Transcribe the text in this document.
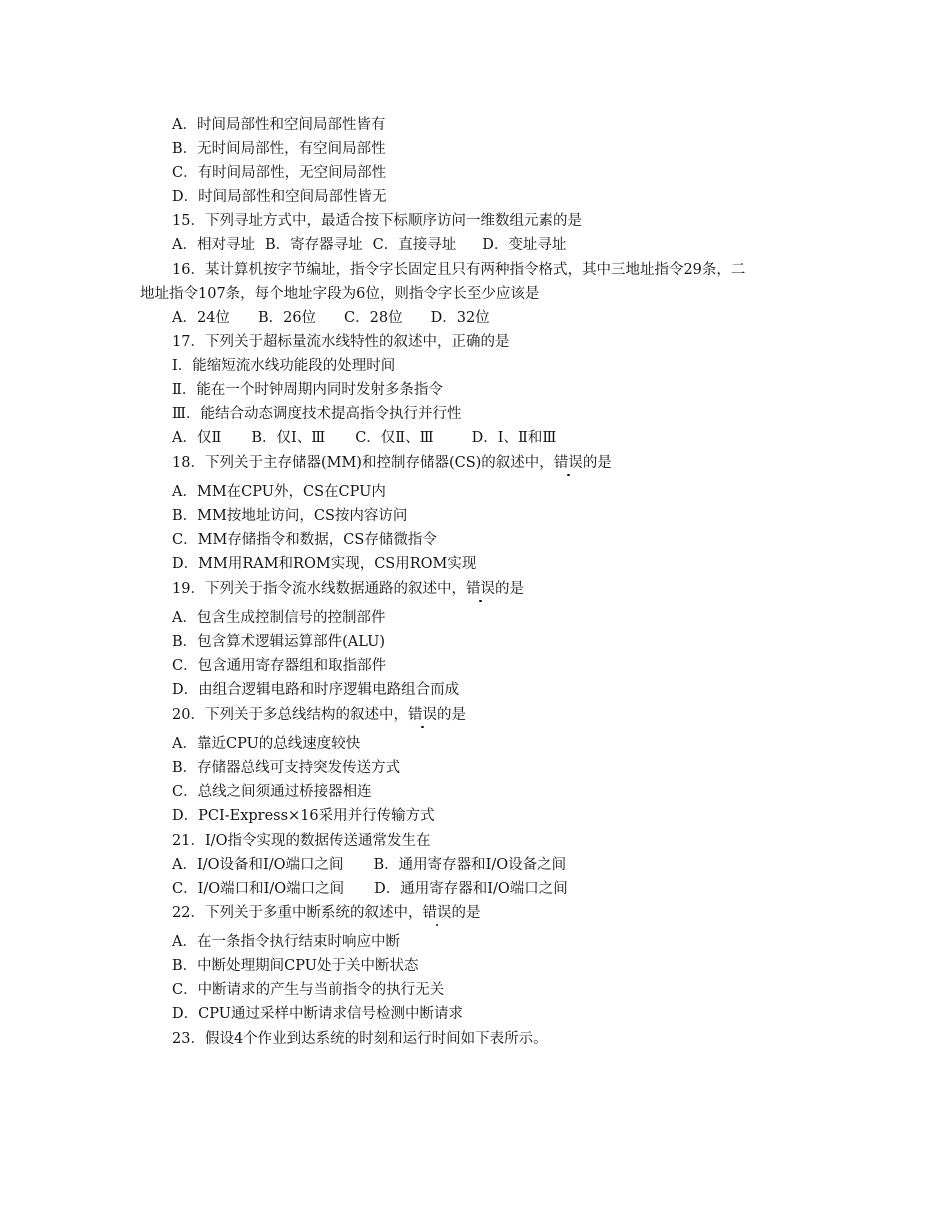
A．时间局部性和空间局部性皆有
B．无时间局部性，有空间局部性
C．有时间局部性，无空间局部性
D．时间局部性和空间局部性皆无
15．下列寻址方式中，最适合按下标顺序访问一维数组元素的是
A．相对寻址 B．寄存器寻址 C．直接寻址 D．变址寻址
16．某计算机按字节编址，指令字长固定且只有两种指令格式，其中三地址指令29条，二
地址指令107条，每个地址字段为6位，则指令字长至少应该是
A．24位 B．26位 C．28位 D．32位
17．下列关于超标量流水线特性的叙述中，正确的是
Ⅰ．能缩短流水线功能段的处理时间
Ⅱ．能在一个时钟周期内同时发射多条指令
Ⅲ．能结合动态调度技术提高指令执行并行性
A．仅Ⅱ B．仅Ⅰ、Ⅲ C．仅Ⅱ、Ⅲ	D．Ⅰ、Ⅱ和Ⅲ
18．下列关于主存储器(MM)和控制存储器(CS)的叙述中，错误的是
A．MM在CPU外，CS在CPU内
B．MM按地址访问，CS按内容访问
C．MM存储指令和数据，CS存储微指令
D．MM用RAM和ROM实现，CS用ROM实现
19．下列关于指令流水线数据通路的叙述中，错误的是
A．包含生成控制信号的控制部件
B．包含算术逻辑运算部件(ALU)
C．包含通用寄存器组和取指部件
D．由组合逻辑电路和时序逻辑电路组合而成
20．下列关于多总线结构的叙述中，错误的是
A．靠近CPU的总线速度较快
B．存储器总线可支持突发传送方式
C．总线之间须通过桥接器相连
D．PCⅠ-Express×16采用并行传输方式
21．I/O指令实现的数据传送通常发生在
A．I/O设备和I/O端口之间 B．通用寄存器和I/O设备之间
C．I/O端口和I/O端口之间 D．通用寄存器和I/O端口之间
22．下列关于多重中断系统的叙述中，错误的是
A．在一条指令执行结束时响应中断
B．中断处理期间CPU处于关中断状态
C．中断请求的产生与当前指令的执行无关
D．CPU通过采样中断请求信号检测中断请求
23．假设4个作业到达系统的时刻和运行时间如下表所示。
